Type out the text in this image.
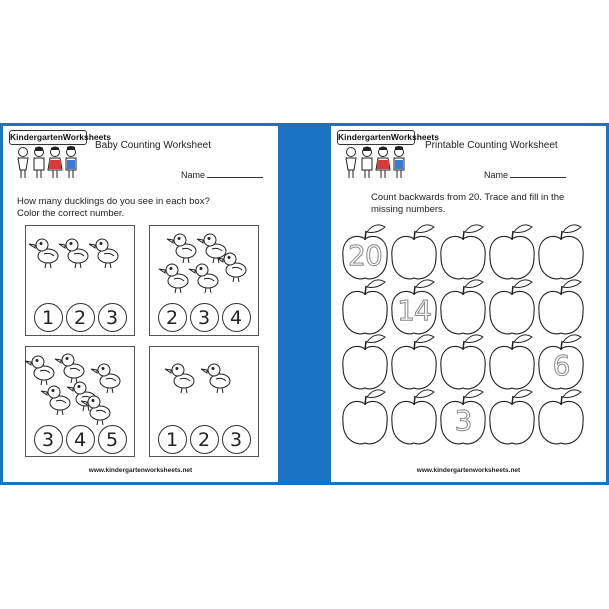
KindergartenWorksheets
Baby Counting Worksheet
Name
How many ducklings do you see in each box?
Color the correct number.
1	2	3	2	3	4
3	4	5	1	2	3
www.kindergartenworksheets.net
KindergartenWorksheets
Printable Counting Worksheet
Name
Count backwards from 20. Trace and fill in the
missing numbers.
20
14
6
3
www.kindergartenworksheets.net
